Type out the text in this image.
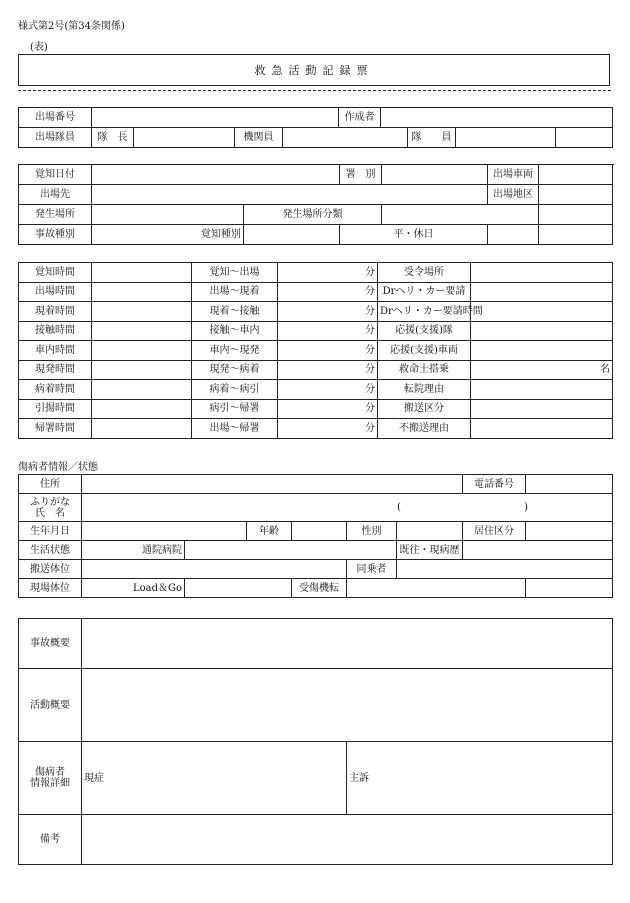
様式第2号(第34条関係)
(表)
救急活動記録票
出場番号					作成者				
出場隊員	隊　長		機関員				隊　　員		
覚知日付			署　別		出場車両	
出場先					出場地区	
発生場所		発生場所分類				
事故種別	覚知種別		平・休日			
覚知時間		覚知～出場	分	受令場所	
出場時間		出場～現着	分	Drヘリ・カー要請	
現着時間		現着～接触	分	Drヘリ・カー要請時間	
接触時間		接触～車内	分	応援(支援)隊	
車内時間		車内～現発	分	応援(支援)車両	
現発時間		現発～病着	分	救命士搭乗	名
病着時間		病着～病引	分	転院理由	
引揚時間		病引～帰署	分	搬送区分	
帰署時間		出場～帰署	分	不搬送理由	
傷病者情報／状態
住所							電話番号	

ふりがな
氏　名	( )							
生年月日			年齢		性別		居住区分	
生活状態	通院病院					既往・現病歴		
搬送体位					同乗者			
現場体位	Load＆Go			受傷機転				
事故概要		
活動概要		

傷病者
情報詳細	現症	主訴
備考		
